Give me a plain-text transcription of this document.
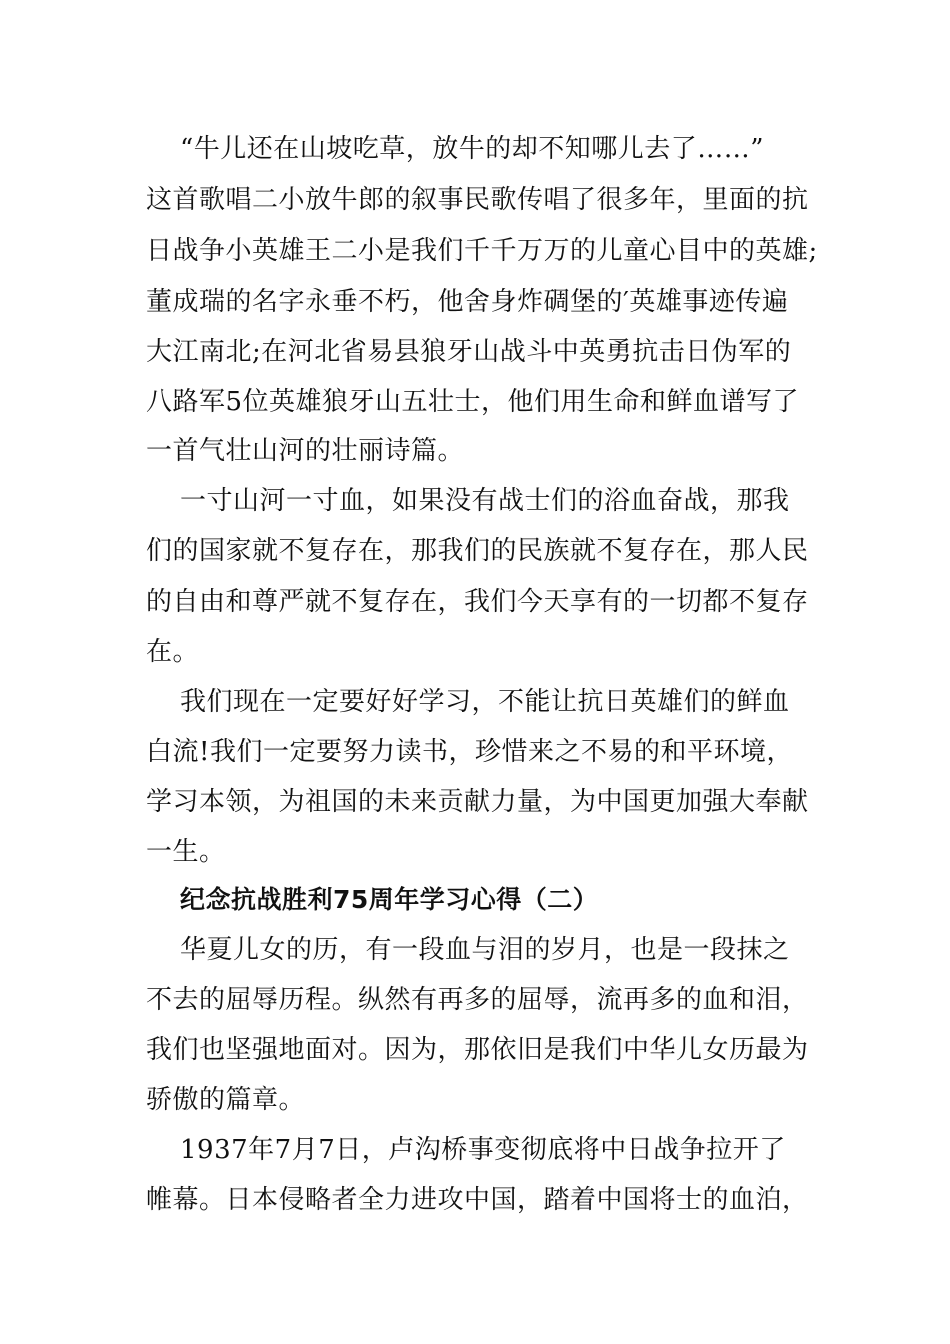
“牛儿还在山坡吃草，放牛的却不知哪儿去了……”
这首歌唱二小放牛郎的叙事民歌传唱了很多年，里面的抗
日战争小英雄王二小是我们千千万万的儿童心目中的英雄;
董成瑞的名字永垂不朽，他舍身炸碉堡的′英雄事迹传遍
大江南北;在河北省易县狼牙山战斗中英勇抗击日伪军的
八路军5位英雄狼牙山五壮士，他们用生命和鲜血谱写了
一首气壮山河的壮丽诗篇。
一寸山河一寸血，如果没有战士们的浴血奋战，那我
们的国家就不复存在，那我们的民族就不复存在，那人民
的自由和尊严就不复存在，我们今天享有的一切都不复存
在。
我们现在一定要好好学习，不能让抗日英雄们的鲜血
白流!我们一定要努力读书，珍惜来之不易的和平环境，
学习本领，为祖国的未来贡献力量，为中国更加强大奉献
一生。
纪念抗战胜利75周年学习心得（二）
华夏儿女的历，有一段血与泪的岁月，也是一段抹之
不去的屈辱历程。纵然有再多的屈辱，流再多的血和泪，
我们也坚强地面对。因为，那依旧是我们中华儿女历最为
骄傲的篇章。
1937年7月7日，卢沟桥事变彻底将中日战争拉开了
帷幕。日本侵略者全力进攻中国，踏着中国将士的血泊，
